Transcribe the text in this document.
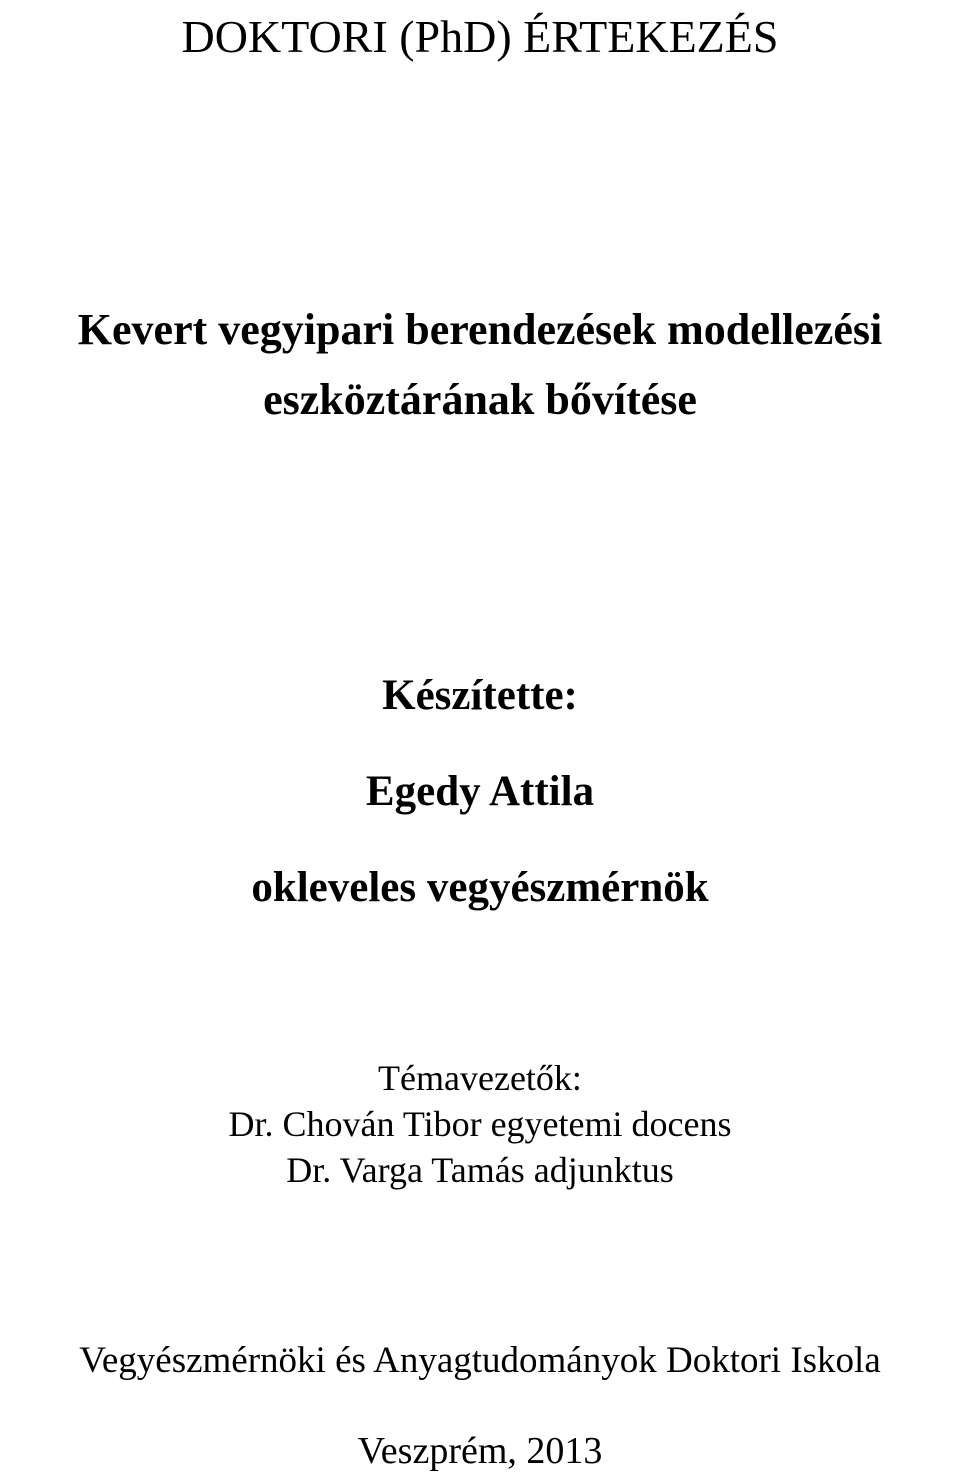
DOKTORI (PhD) ÉRTEKEZÉS
Kevert vegyipari berendezések modellezési
eszköztárának bővítése
Készítette:
Egedy Attila
okleveles vegyészmérnök
Témavezetők:
Dr. Chován Tibor egyetemi docens
Dr. Varga Tamás adjunktus
Vegyészmérnöki és Anyagtudományok Doktori Iskola
Veszprém, 2013
